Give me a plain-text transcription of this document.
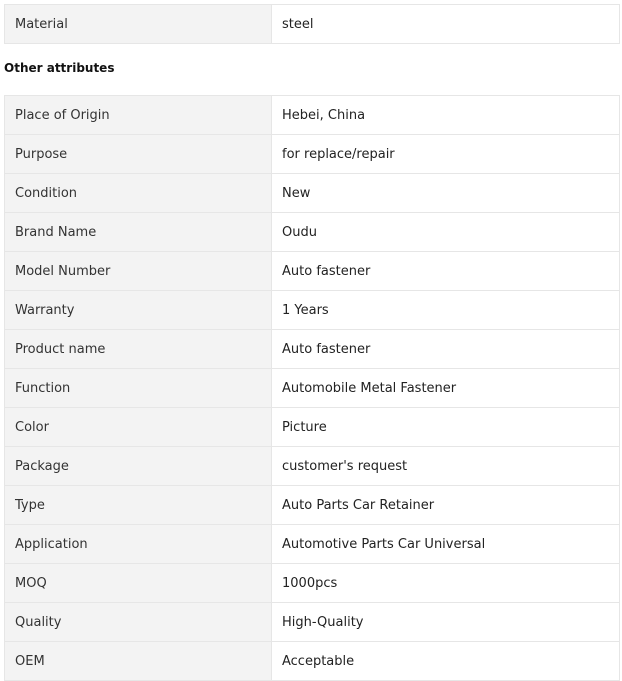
Material	steel

Other attributes

Place of Origin	Hebei, China
Purpose	for replace/repair
Condition	New
Brand Name	Oudu
Model Number	Auto fastener
Warranty	1 Years
Product name	Auto fastener
Function	Automobile Metal Fastener
Color	Picture
Package	customer's request
Type	Auto Parts Car Retainer
Application	Automotive Parts Car Universal
MOQ	1000pcs
Quality	High-Quality
OEM	Acceptable
